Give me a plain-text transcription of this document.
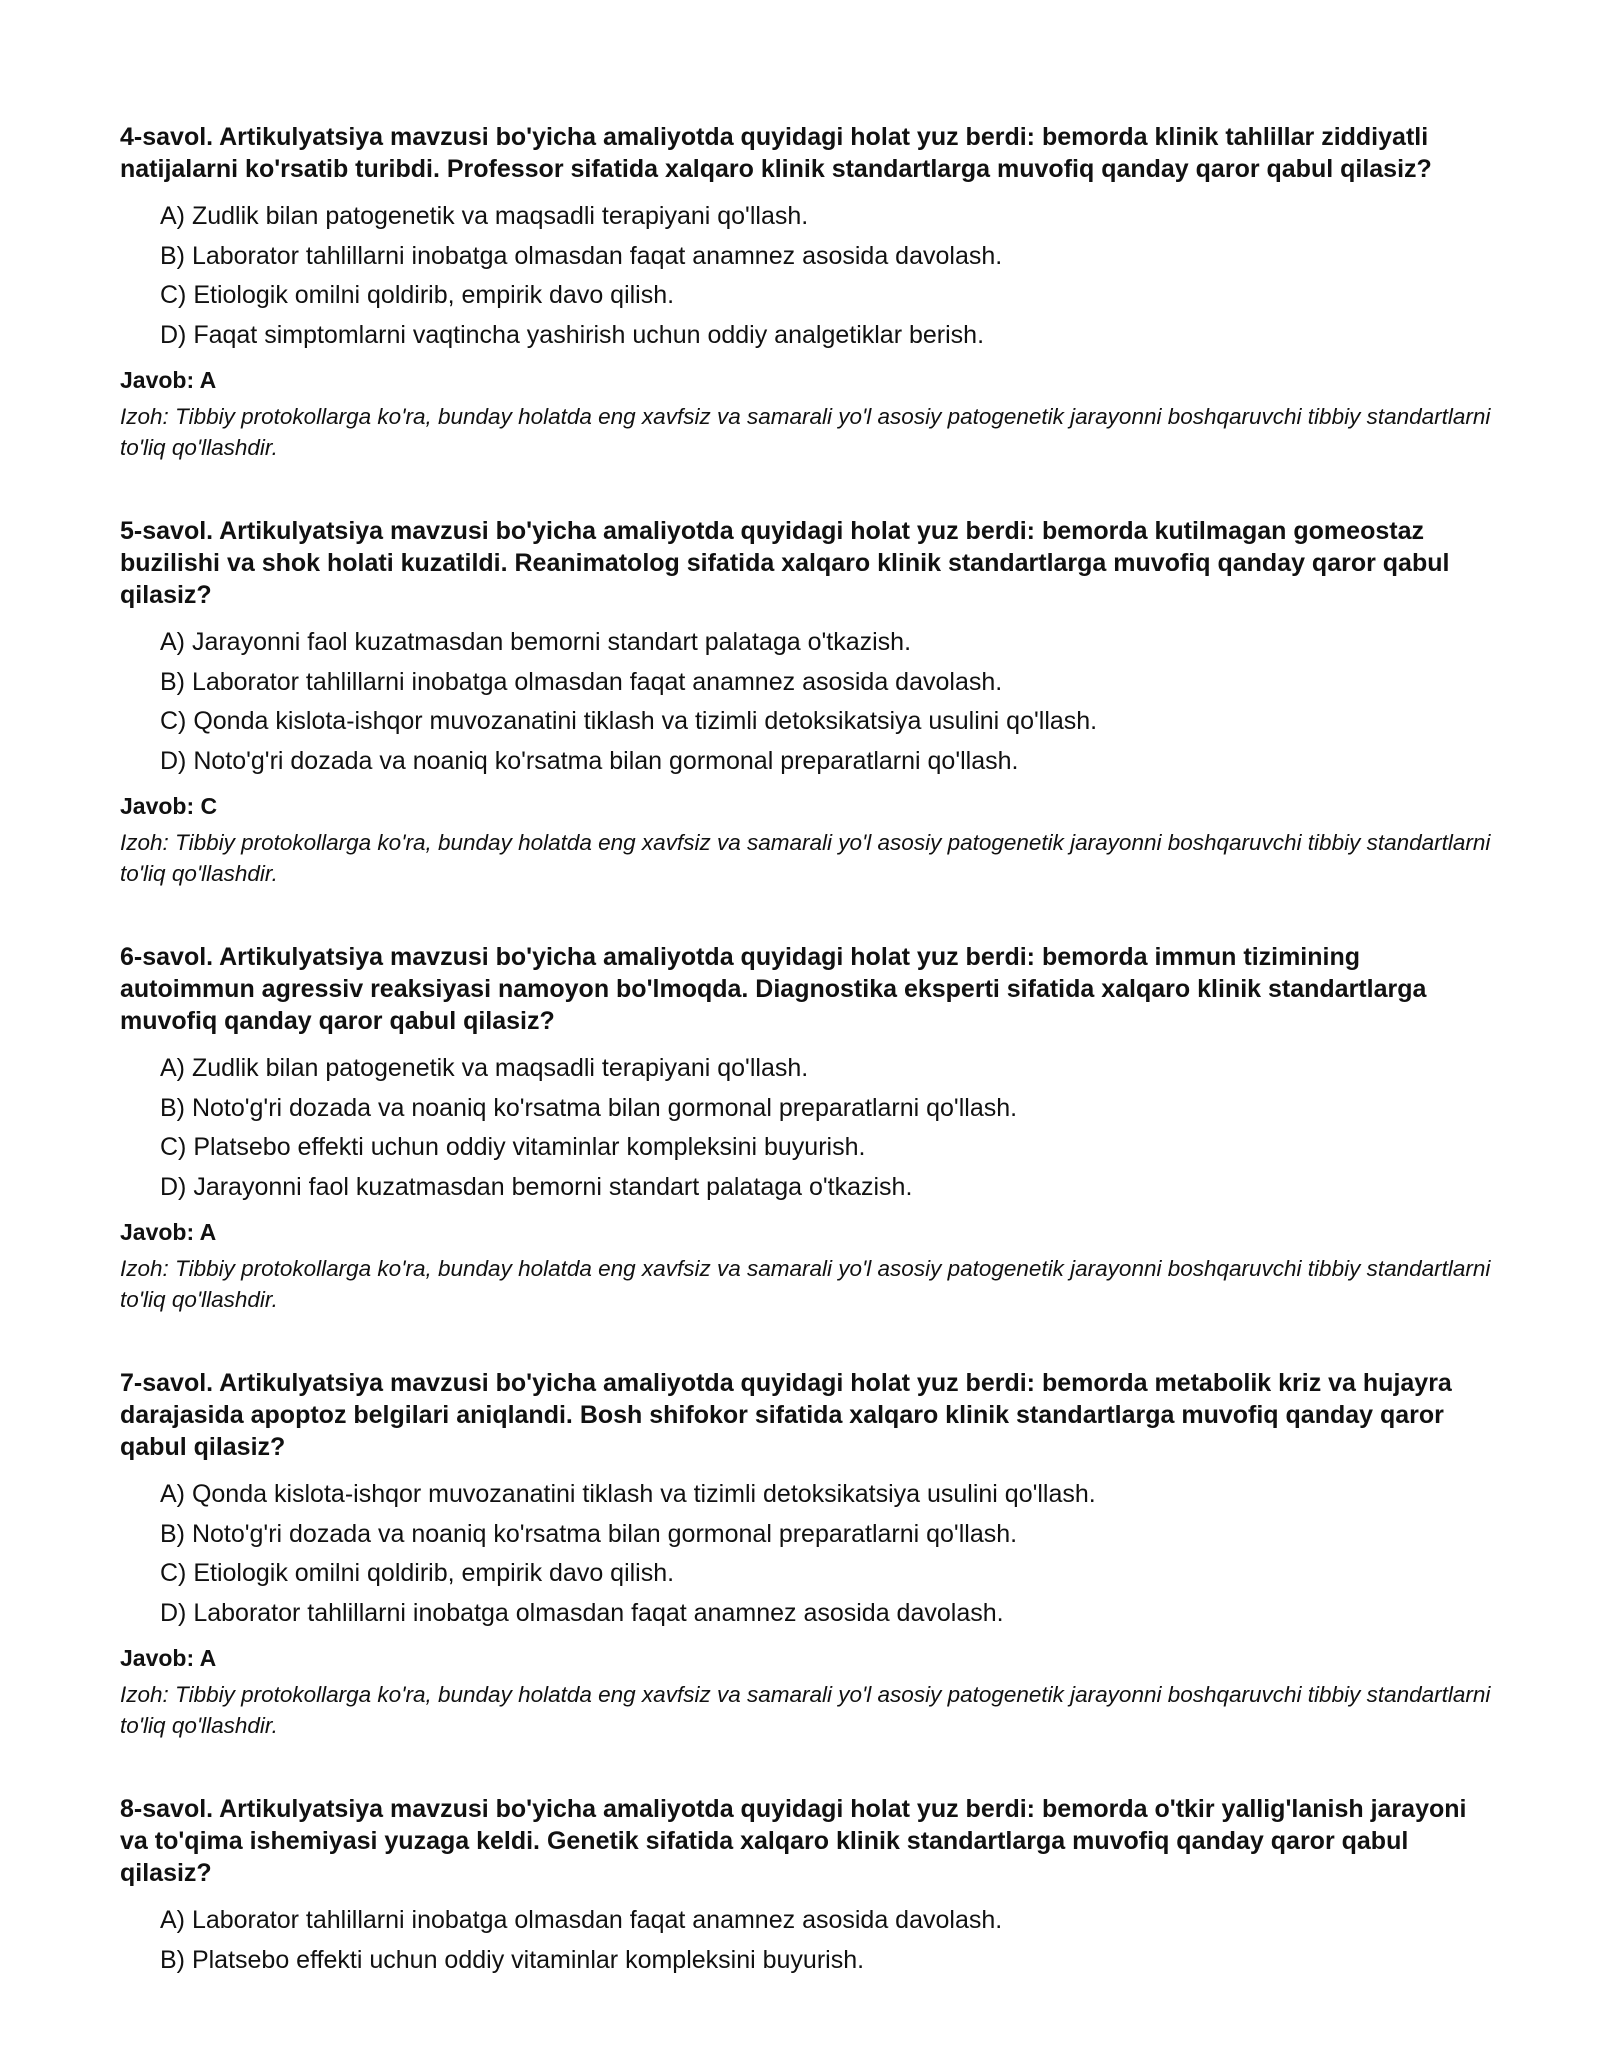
4-savol. Artikulyatsiya mavzusi bo'yicha amaliyotda quyidagi holat yuz berdi: bemorda klinik tahlillar ziddiyatli natijalarni ko'rsatib turibdi. Professor sifatida xalqaro klinik standartlarga muvofiq qanday qaror qabul qilasiz?

A) Zudlik bilan patogenetik va maqsadli terapiyani qo'llash.
B) Laborator tahlillarni inobatga olmasdan faqat anamnez asosida davolash.
C) Etiologik omilni qoldirib, empirik davo qilish.
D) Faqat simptomlarni vaqtincha yashirish uchun oddiy analgetiklar berish.

Javob: A

Izoh: Tibbiy protokollarga ko'ra, bunday holatda eng xavfsiz va samarali yo'l asosiy patogenetik jarayonni boshqaruvchi tibbiy standartlarni to'liq qo'llashdir.

5-savol. Artikulyatsiya mavzusi bo'yicha amaliyotda quyidagi holat yuz berdi: bemorda kutilmagan gomeostaz buzilishi va shok holati kuzatildi. Reanimatolog sifatida xalqaro klinik standartlarga muvofiq qanday qaror qabul qilasiz?

A) Jarayonni faol kuzatmasdan bemorni standart palataga o'tkazish.
B) Laborator tahlillarni inobatga olmasdan faqat anamnez asosida davolash.
C) Qonda kislota-ishqor muvozanatini tiklash va tizimli detoksikatsiya usulini qo'llash.
D) Noto'g'ri dozada va noaniq ko'rsatma bilan gormonal preparatlarni qo'llash.

Javob: C

Izoh: Tibbiy protokollarga ko'ra, bunday holatda eng xavfsiz va samarali yo'l asosiy patogenetik jarayonni boshqaruvchi tibbiy standartlarni to'liq qo'llashdir.

6-savol. Artikulyatsiya mavzusi bo'yicha amaliyotda quyidagi holat yuz berdi: bemorda immun tizimining autoimmun agressiv reaksiyasi namoyon bo'lmoqda. Diagnostika eksperti sifatida xalqaro klinik standartlarga muvofiq qanday qaror qabul qilasiz?

A) Zudlik bilan patogenetik va maqsadli terapiyani qo'llash.
B) Noto'g'ri dozada va noaniq ko'rsatma bilan gormonal preparatlarni qo'llash.
C) Platsebo effekti uchun oddiy vitaminlar kompleksini buyurish.
D) Jarayonni faol kuzatmasdan bemorni standart palataga o'tkazish.

Javob: A

Izoh: Tibbiy protokollarga ko'ra, bunday holatda eng xavfsiz va samarali yo'l asosiy patogenetik jarayonni boshqaruvchi tibbiy standartlarni to'liq qo'llashdir.

7-savol. Artikulyatsiya mavzusi bo'yicha amaliyotda quyidagi holat yuz berdi: bemorda metabolik kriz va hujayra darajasida apoptoz belgilari aniqlandi. Bosh shifokor sifatida xalqaro klinik standartlarga muvofiq qanday qaror qabul qilasiz?

A) Qonda kislota-ishqor muvozanatini tiklash va tizimli detoksikatsiya usulini qo'llash.
B) Noto'g'ri dozada va noaniq ko'rsatma bilan gormonal preparatlarni qo'llash.
C) Etiologik omilni qoldirib, empirik davo qilish.
D) Laborator tahlillarni inobatga olmasdan faqat anamnez asosida davolash.

Javob: A

Izoh: Tibbiy protokollarga ko'ra, bunday holatda eng xavfsiz va samarali yo'l asosiy patogenetik jarayonni boshqaruvchi tibbiy standartlarni to'liq qo'llashdir.

8-savol. Artikulyatsiya mavzusi bo'yicha amaliyotda quyidagi holat yuz berdi: bemorda o'tkir yallig'lanish jarayoni va to'qima ishemiyasi yuzaga keldi. Genetik sifatida xalqaro klinik standartlarga muvofiq qanday qaror qabul qilasiz?

A) Laborator tahlillarni inobatga olmasdan faqat anamnez asosida davolash.
B) Platsebo effekti uchun oddiy vitaminlar kompleksini buyurish.
